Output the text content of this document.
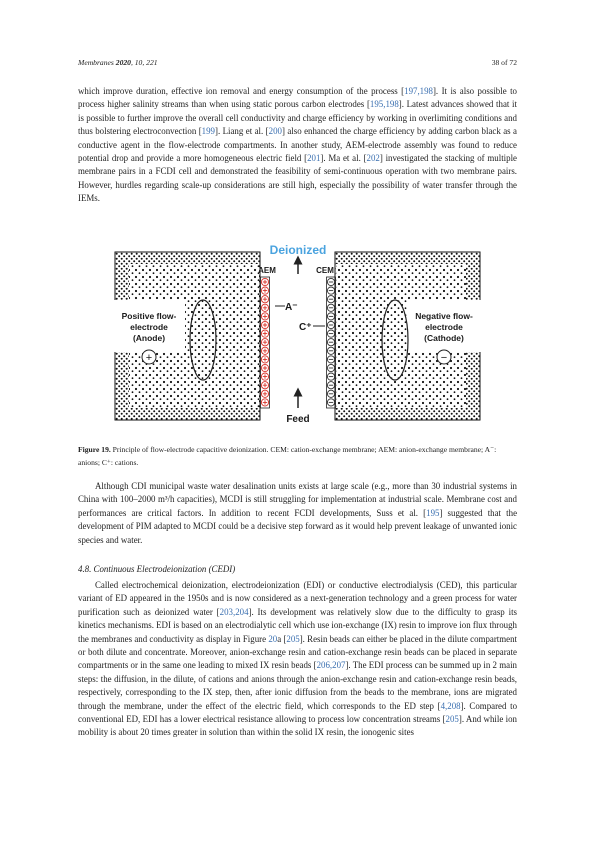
Membranes 2020, 10, 221	38 of 72

which improve duration, effective ion removal and energy consumption of the process [197,198]. It is also possible to process higher salinity streams than when using static porous carbon electrodes [195,198]. Latest advances showed that it is possible to further improve the overall cell conductivity and charge efficiency by working in overlimiting conditions and thus bolstering electroconvection [199]. Liang et al. [200] also enhanced the charge efficiency by adding carbon black as a conductive agent in the flow-electrode compartments. In another study, AEM-electrode assembly was found to reduce potential drop and provide a more homogeneous electric field [201]. Ma et al. [202] investigated the stacking of multiple membrane pairs in a FCDI cell and demonstrated the feasibility of semi-continuous operation with two membrane pairs. However, hurdles regarding scale-up considerations are still high, especially the possibility of water transfer through the IEMs.

Deionized
AEM	CEM
A⁻
C⁺
Positive flow-
electrode
(Anode)
+
Negative flow-
electrode
(Cathode)
−
Feed
Figure 19. Principle of flow-electrode capacitive deionization. CEM: cation-exchange membrane; AEM: anion-exchange membrane; A⁻: anions; C⁺: cations.

Although CDI municipal waste water desalination units exists at large scale (e.g., more than 30 industrial systems in China with 100–2000 m³/h capacities), MCDI is still struggling for implementation at industrial scale. Membrane cost and performances are critical factors. In addition to recent FCDI developments, Suss et al. [195] suggested that the development of PIM adapted to MCDI could be a decisive step forward as it would help prevent leakage of unwanted ionic species and water.

4.8. Continuous Electrodeionization (CEDI)

Called electrochemical deionization, electrodeionization (EDI) or conductive electrodialysis (CED), this particular variant of ED appeared in the 1950s and is now considered as a next-generation technology and a green process for water purification such as deionized water [203,204]. Its development was relatively slow due to the difficulty to grasp its kinetics mechanisms. EDI is based on an electrodialytic cell which use ion-exchange (IX) resin to improve ion flux through the membranes and conductivity as display in Figure 20a [205]. Resin beads can either be placed in the dilute compartment or both dilute and concentrate. Moreover, anion-exchange resin and cation-exchange resin beads can be placed in separate compartments or in the same one leading to mixed IX resin beads [206,207]. The EDI process can be summed up in 2 main steps: the diffusion, in the dilute, of cations and anions through the anion-exchange resin and cation-exchange resin beads, respectively, corresponding to the IX step, then, after ionic diffusion from the beads to the membrane, ions are migrated through the membrane, under the effect of the electric field, which corresponds to the ED step [4,208]. Compared to conventional ED, EDI has a lower electrical resistance allowing to process low concentration streams [205]. And while ion mobility is about 20 times greater in solution than within the solid IX resin, the ionogenic sites
